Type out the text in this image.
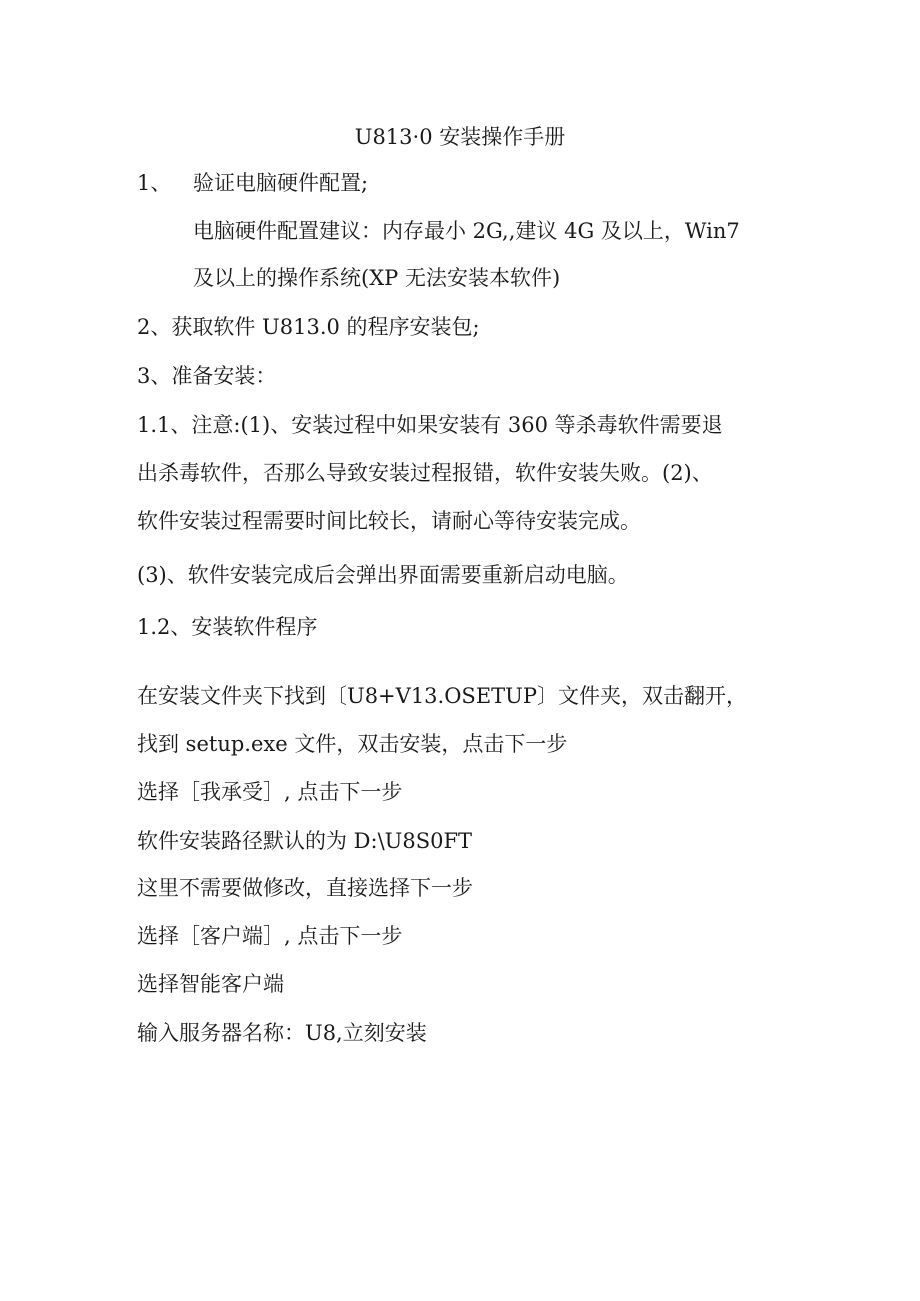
U813·0 安装操作手册
1、 验证电脑硬件配置;
电脑硬件配置建议：内存最小 2G,,建议 4G 及以上，Win7
及以上的操作系统(XP 无法安装本软件)
2、获取软件 U813.0 的程序安装包;
3、准备安装：
1.1、注意:(1)、安装过程中如果安装有 360 等杀毒软件需要退
出杀毒软件，否那么导致安装过程报错，软件安装失败。(2)、
软件安装过程需要时间比较长，请耐心等待安装完成。
(3)、软件安装完成后会弹出界面需要重新启动电脑。
1.2、安装软件程序
在安装文件夹下找到〔U8+V13.OSETUP〕文件夹，双击翻开，
找到 setup.exe 文件，双击安装，点击下一步
选择［我承受］, 点击下一步
软件安装路径默认的为 D:\U8S0FT
这里不需要做修改，直接选择下一步
选择［客户端］, 点击下一步
选择智能客户端
输入服务器名称：U8,立刻安装
